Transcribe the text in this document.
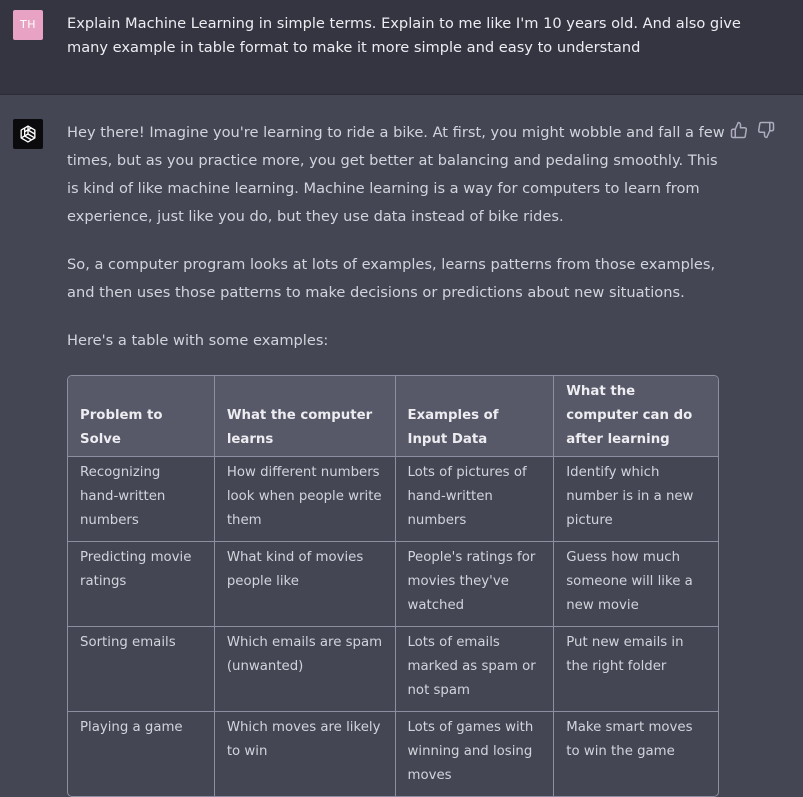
TH	Explain Machine Learning in simple terms. Explain to me like I'm 10 years old. And also give many example in table format to make it more simple and easy to understand

Hey there! Imagine you're learning to ride a bike. At first, you might wobble and fall a few times, but as you practice more, you get better at balancing and pedaling smoothly. This is kind of like machine learning. Machine learning is a way for computers to learn from experience, just like you do, but they use data instead of bike rides.

So, a computer program looks at lots of examples, learns patterns from those examples, and then uses those patterns to make decisions or predictions about new situations.

Here's a table with some examples:

Problem to Solve	What the computer learns	Examples of Input Data	What the computer can do after learning
Recognizing hand-written numbers	How different numbers look when people write them	Lots of pictures of hand-written numbers	Identify which number is in a new picture
Predicting movie ratings	What kind of movies people like	People's ratings for movies they've watched	Guess how much someone will like a new movie
Sorting emails	Which emails are spam (unwanted)	Lots of emails marked as spam or not spam	Put new emails in the right folder
Playing a game	Which moves are likely to win	Lots of games with winning and losing moves	Make smart moves to win the game
